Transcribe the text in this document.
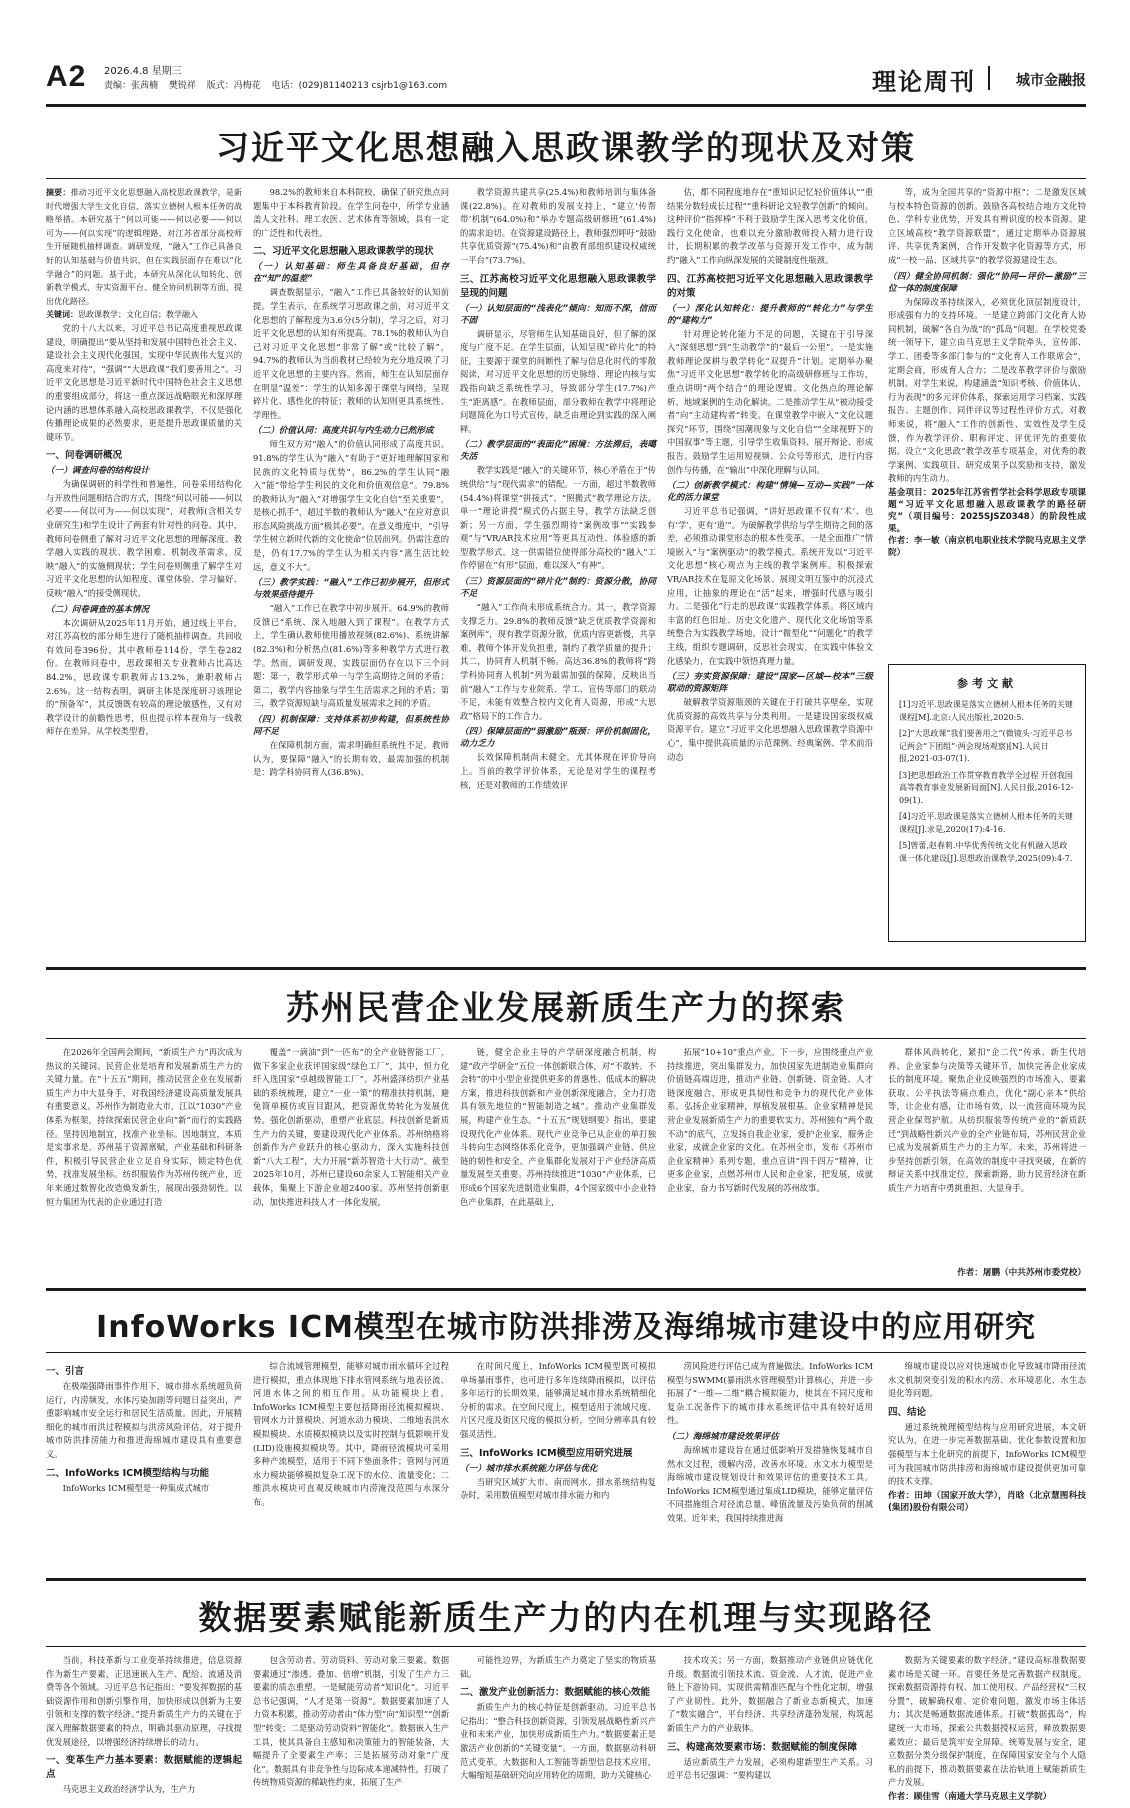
A2 2026.4.8 星期三
责编：张茜楠 樊锐祥 版式：冯梅花 电话：(029)81140213 csjrb1@163.com	理论周刊	城市金融报
习近平文化思想融入思政课教学的现状及对策

摘要：推动习近平文化思想融入高校思政课教学，是新时代增强大学生文化自信、落实立德树人根本任务的战略举措。本研究基于“何以可能——何以必要——何以可为——何以实现”的逻辑理路，对江苏省部分高校师生开展随机抽样调查。调研发现，“融入”工作已具备良好的认知基础与价值共识，但在实践层面存在难以“化学融合”的问题。基于此，本研究从深化认知转化、创新教学模式、夯实资源平台、健全协同机制等方面，提出优化路径。

关键词：思政课教学；文化自信；教学融入

党的十八大以来，习近平总书记高度重视思政课建设，明确提出“要从坚持和发展中国特色社会主义、建设社会主义现代化强国，实现中华民族伟大复兴的高度来对待”，“强调”“大思政课”我们要善用之”。习近平文化思想是习近平新时代中国特色社会主义思想的重要组成部分，将这一重点深远战略眼光和深厚理论内涵的思想体系融入高校思政课教学，不仅是强化传播理论成果的必然要求，更是提升思政课质量的关键环节。

一、问卷调研概况
（一）调查问卷的结构设计

为确保调研的科学性和普遍性，问卷采用结构化与开放性问题相结合的方式，围绕“何以可能——何以必要——何以可为——何以实现”，对教师(含相关专业研究生)和学生设计了两套有针对性的问卷。其中，教师问卷侧重了解对习近平文化思想的理解深度、教学融入实践的现状、教学困难、机制改革需求，反映“融入”的实施侧现状；学生问卷则侧重了解学生对习近平文化思想的认知程度、课堂体验、学习偏好、反映“融入”的接受侧现状。

（二）问卷调查的基本情况

本次调研从2025年11月开始，通过线上平台，对江苏高校的部分师生进行了随机抽样调查。共回收有效问卷396份，其中教师卷114份，学生卷282份。在教师问卷中，思政课相关专业教师占比高达84.2%，思政课专职教师占13.2%，兼职教师占2.6%。这一结构表明，调研主体是深度研习该理论的“预备军”，其反馈既有较高的理论敏感性，又有对教学设计的前瞻性思考，但也提示样本视角与一线教师存在差异。从学校类型看，

98.2%的教师来自本科院校，确保了研究焦点问题集中于本科教育阶段。在学生问卷中，所学专业涵盖人文社科、理工农医、艺术体育等领域，具有一定的广泛性和代表性。

二、习近平文化思想融入思政课教学的现状
（一）认知基础：师生具备良好基础，但存在“知”的温差”

调查数据显示，“融入”工作已具备较好的认知前提。学生表示，在系统学习思政课之前，对习近平文化思想的了解程度为3.6分(5分制)，学习之后，对习近平文化思想的认知有所提高。78.1%的教师认为自己对习近平文化思想“非常了解”或“比较了解”，94.7%的教师认为当前教材已经较为充分地反映了习近平文化思想的主要内容。然而，师生在认知层面存在明显“温差”：学生的认知多源于课堂与网络，呈现碎片化、感性化的特征；教师的认知则更具系统性、学理性。

（二）价值认同：高度共识与内生动力已然形成

师生双方对“融入”的价值认同形成了高度共识。91.8%的学生认为“融入”有助于“更好地理解国家和民族的文化特质与优势”，86.2%的学生认同“融入”能“带给学生利民的文化和价值观信息”。79.8%的教师认为“融入”对增强学生文化自信“至关重要”，是核心抓手”，超过半数的教师认为“融入”在应对意识形态风险挑战方面“极其必要”。在意义维度中，“引导学生树立新时代新的文化使命”位居前列。仍需注意的是，仍有17.7%的学生认为相关内容“离生活比较远，意义不大”。

（三）教学实践：“融入”工作已初步展开，但形式与效果亟待提升

“融入”工作已在教学中初步展开。64.9%的教师反馈已“系统、深入地融入到了课程”。在教学方式上，学生确认教师使用播放视频(82.6%)、系统讲解(82.3%)和分析热点(81.6%)等多种教学方式进行教学。然而，调研发现，实践层面仍存在以下三个问题：第一，教学形式单一与学生高期待之间的矛盾；第二，教学内容抽象与学生生活需求之间的矛盾；第三，教学资源短缺与高质量发展需求之间的矛盾。

（四）机制保障：支持体系初步构建，但系统性协同不足

在保障机制方面，需求明确但系统性不足。教师认为，要保障“融入”的长期有效，最需加强的机制是：跨学科协同育人(36.8%)、

教学资源共建共享(25.4%)和教师培训与集体备课(22.8%)。在对教师的发展支持上，“建立‘传帮带’机制”(64.0%)和“举办专题高级研修班”(61.4%)的需求迫切。在资源建设路径上，教师强烈呼吁“鼓励共享优质资源”(75.4%)和“由教育部组织建设权威统一平台”(73.7%)。

三、江苏高校习近平文化思想融入思政课教学呈现的问题
（一）认知层面的“浅表化”倾向：知而不深，信而不固

调研显示，尽管师生认知基础良好，但了解的深度与广度不足。在学生层面，认知呈现“碎片化”的特征，主要源于课堂的间断性了解与信息化时代的零散阅读，对习近平文化思想的历史脉络、理论内核与实践指向缺乏系统性学习，导致部分学生(17.7%)产生“距离感”。在教师层面，部分教师在教学中将理论问题简化为口号式宣传，缺乏由理论到实践的深入阐释。

（二）教学层面的“表面化”困境：方法滞后，表噶失活

教学实践是“融入”的关键环节，核心矛盾在于“传统供给”与“现代需求”的错配。一方面，超过半数教师(54.4%)将课堂“拼接式”、“照搬式”教学理论方法。单一“理论讲授”模式仍占据主导，教学方法缺乏创新；另一方面，学生强烈期待“案例故事”“实践参观”与“VR/AR技术应用”等更具互动性、体验感的新型教学形式。这一供需错位使得部分高校的“融入”工作停留在“有形”层面，难以深入“有神”。

（三）资源层面的“碎片化”制约：资源分散，协同不足

“融入”工作尚未形成系统合力。其一，教学资源支撑乏力。29.8%的教师反馈“缺乏优质教学资源和案例库”，现有教学资源分散，优质内容更新慢，共享难，教师个体开发负担重，制约了教学质量的提升；其二，协同育人机制不畅。高达36.8%的教师将“跨学科协同育人机制”列为最需加强的保障，反映出当前“融入”工作与专业院系、学工、宣传等部门的联动不足，未能有效整合校内文化育人资源，形成“大思政”格局下的工作合力。

（四）保障层面的“弱激励”瓶颈：评价机制固化，动力乏力

长效保障机制尚未健全，尤其体现在评价导向上。当前的教学评价体系，无论是对学生的课程考核，还是对教师的工作绩效评

估，都不同程度地存在“重知识记忆轻价值体认”“重结果分数轻成长过程”“重科研论文轻教学创新”的倾向。这种评价“指挥棒”不利于鼓励学生深入思考文化价值，践行文化使命，也难以充分激励教师投入精力进行设计，长期积累的教学改革与资源开发工作中，成为制约“融入”工作向纵深发展的关键制度性瓶颈。

四、江苏高校把习近平文化思想融入思政课教学的对策
（一）深化认知转化：提升教师的“转化力”与学生的“建构力”

针对理论转化能力不足的问题，关键在于引导深入“深刻思想”到“生动教学”的“最后一公里”。一是实施教师理论深耕与教学转化“双提升”计划。定期举办聚焦“习近平文化思想”教学转化的高级研修班与工作坊，重点讲明“两个结合”的理论逻辑、文化热点的理论解析、地域案例的生动化解读。二是推动学生从“被动接受者”向“主动建构者”转变。在课堂教学中嵌入“文化议题探究”环节，围绕“国潮现象与文化自信”“全球视野下的中国叙事”等主题，引导学生收集资料、展开辩论、形成报告。鼓励学生运用短视频、公众号等形式，进行内容创作与传播，在“输出”中深化理解与认同。

（二）创新教学模式：构建“情境—互动—实践”一体化的活力课堂

习近平总书记强调，“讲好思政课不仅有‘术’、也有‘学’，更有‘道’”。为破解教学供给与学生期待之间的落差，必须推动课堂形态的根本性变革。一是全面推广“情境嵌入”与“案例驱动”的教学模式。系统开发以“习近平文化思想”核心观点为主线的教学案例库。积极探索VR/AR技术在复原文化场景、展现文明互鉴中的沉浸式应用，让抽象的理论在“活”起来，增强时代感与吸引力。二是强化“行走的思政课”实践教学体系。将区域内丰富的红色旧址、历史文化遗产、现代化文化场馆等系统整合为实践教学场地，设计“微型化”“问题化”的教学主线，组织专题调研，反思社会现实，在实践中体验文化感染力，在实践中领悟真理力量。

（三）夯实资源保障：建设“国家—区域—校本”三级联动的资源矩阵

破解教学资源瓶颈的关键在于打破共享壁垒，实现优质资源的高效共享与分类利用。一是建设国家级权威资源平台。建立“习近平文化思想融入思政课教学资源中心”，集中提供高质量的示范课例、经典案例、学术前沿动态

等，成为全国共享的“资源中枢”；二是激发区域与校本特色资源的创新。鼓励各高校结合地方文化特色、学科专业优势，开发具有辨识度的校本资源。建立区域高校“教学资源联盟”，通过定期举办资源展评、共享优秀案例，合作开发数字化资源等方式，形成“一校一品、区域共享”的教学资源建设生态。

（四）健全协同机制：强化“协同—评价—激励”三位一体的制度保障

为保障改革持续深入，必须优化顶层制度设计，形成强有力的支持环境。一是建立跨部门文化育人协同机制，破解“各自为战”的“孤岛”问题。在学校党委统一领导下，建立由马克思主义学院牵头，宣传部、学工、团委等多部门参与的“文化育人工作联席会”，定期会商，形成育人合力；二是改革教学评价与激励机制。对学生来说，构建涵盖“知识考核、价值体认、行为表现”的多元评价体系，探索运用学习档案、实践报告、主题创作、同伴评议等过程性评价方式。对教师来说，将“融入”工作的创新性、实效性及学生反馈，作为教学评价、职称评定、评优评先的重要依据。设立“文化思政”教学改革专项基金，对优秀的教学案例、实践项目、研究成果予以奖励和支持，激发教师的内生动力。

基金项目：2025年江苏省哲学社会科学思政专项课题“习近平文化思想融入思政课教学的路径研究”（项目编号：2025SJSZ0348）的阶段性成果。

作者：李一敏（南京机电职业技术学院马克思主义学院）

参考文献

[1]习近平.思政课是落实立德树人根本任务的关键课程[M].北京:人民出版社,2020:5.

[2]“大思政课”我们要善用之”(微镜头·习近平总书记两会“下团组”·两会现场观察)[N].人民日报,2021-03-07(1).

[3]把思想政治工作贯穿教育教学全过程 开创我国高等教育事业发展新局面[N].人民日报,2016-12-09(1).

[4]习近平.思政课是落实立德树人根本任务的关键课程[J].求是,2020(17):4-16.

[5]曾蕾,赵春莉.中华优秀传统文化有机融入思政课一体化建设[J].思想政治课教学,2025(09):4-7.

苏州民营企业发展新质生产力的探索

在2026年全国两会期间，“新质生产力”再次成为热议的关键词。民营企业是培育和发展新质生产力的关键力量。在“十五五”期间，推动民营企业在发展新质生产力中大显身手，对我国经济建设高质量发展具有重要意义。苏州作为制造业大市，江以“1030”产业体系为框架，持续探索民营企业向“新”而行的实践路径。坚持因地制宜，找准产业坐标。因地制宜，本质是实事求是。苏州基于资源禀赋，产业基础和科研条件，积极引导民营企业立足自身实际，锁定特色优势，找准发展坐标。纺织服装作为苏州传统产业，近年来通过数智化改造焕发新生，展现出强劲韧性。以恒力集团为代表的企业通过打造

覆盖“一滴油”到“一匹布”的全产业链智能工厂，做下多家企业获评国家级“绿色工厂”，其中，恒力化纤入选国家“卓越级智能工厂”。苏州盛泽纺织产业基础的系统梳理，建立“一业一策”的精准扶持机制，避免简单模仿或盲目跟风，把资源优势转化为发展优势。强化创新驱动，重塑产业底层。科技创新是新质生产力的关键，要建设现代化产业体系。苏州纳格将创新作为产业跃升的核心驱动力，深入实施科技创新“八大工程”，大力开展“新苏智造十大行动”。截至2025年10月，苏州已建设60余家人工智能相关产业载体，集聚上下游企业超2400家。苏州坚持创新驱动，加快推进科技人才一体化发展，

链，健全企业主导的产学研深度融合机制，构建“政产学研金”五位一体创新联合体，对“不敢转、不会转”的中小型企业提供更多的普惠性、低成本的解决方案，推进科技创新和产业创新深度融合，全力打造具有领先地位的“智能制造之城”。推动产业集群发展，构建产业生态。“十五五”规划纲要》指出，要建设现代化产业体系。现代产业竞争已从企业的单打独斗转向生态网络体系化竞争，更加强调产业链、供应链的韧性和安全。产业集群化发展对于产业经济高质量发展至关重要。苏州持续推进“1030”产业体系，已形成6个国家先进制造业集群，4个国家级中小企业特色产业集群，在此基础上，

拓展“10+10”重点产业。下一步，应围绕重点产业持续推进，突出集群发力，加快国家先进制造业集群向价值链高端迈进，推动产业链、创新链、资金链、人才链深度融合，形成更具韧性和竞争力的现代化产业体系。弘扬企业家精神，厚植发展根基。企业家精神是民营企业发展新质生产力的重要软实力。苏州独有“两个敢不动”的底气，立发扬自我企业家，爱护企业家，服务企业家，成就企业家的文化。在苏州全市，发布《苏州市企业家精神》系列专题，重点宣讲“四千四万”精神，让更多企业家，点燃苏州市人民和企业家，把发展，成就企业家，奋力书写新时代发展的苏州故事。

群体风尚转化，紧扣“企二代”传承、新生代培养、企业家参与决策等关键环节，加快完善企业家成长的制度环境。聚焦企业反映强烈的市场准入、要素获取、公平执法等痛点难点，优化“副心亲本”供给等，让企业有感，让市场有效，以一流营商环境为民营企业保驾护航。从纺织服装等传统产业的“新质跃迁”到战略性新兴产业的全产业链布局，苏州民营企业已成为发展新质生产力的主力军。未来，苏州将进一步坚持创新引领，在高效的制度中寻找突破，在新的辩证关系中找准定位，探索新路，助力民营经济在新质生产力培育中勇挑重担、大显身手。

作者：屠鹏（中共苏州市委党校）

InfoWorks ICM模型在城市防洪排涝及海绵城市建设中的应用研究
一、引言

在极端强降雨事件作用下，城市排水系统超负荷运行，内涝频发，水体污染加剧等问题日益突出，严重影响城市安全运行和居民生活质量。因此，开展精细化的城市雨洪过程模拟与洪涝风险评估，对于提升城市防洪排涝能力和推进海绵城市建设具有重要意义。

二、InfoWorks ICM模型结构与功能

InfoWorks ICM模型是一种集成式城市

综合流域管理模型，能够对城市雨水循环全过程进行模拟，重点体现地下排水管网系统与地表径流、河道水体之间的相互作用。从功能模块上看，InfoWorks ICM模型主要包括降雨径流模拟模块、管网水力计算模块、河道水动力模块、二维地表洪水模拟模块、水质模拟模块以及实时控制与低影响开发(LID)设施模拟模块等。其中，降雨径流模块可采用多种产流模型，适用于不同下垫面条件；管网与河道水力模块能够模拟复杂工况下的水位、流量变化；二维洪水模块可直观反映城市内涝淹没范围与水深分布。

在时间尺度上，InfoWorks ICM模型既可模拟单场暴雨事件，也可进行多年连续降雨模拟，以评估多年运行的长期效果，能够满足城市排水系统精细化分析的需求。在空间尺度上，模型适用于流域尺度、片区尺度及街区尺度的模拟分析，空间分辨率具有较强灵活性。

三、InfoWorks ICM模型应用研究进展
（一）城市排水系统能力评估与优化

当研究区域扩大市、南而网水、排水系统结构复杂时，采用数值模型对城市排水能力和内

涝风险进行评估已成为普遍做法。InfoWorks ICM模型与SWMM(暴雨洪水管理模型)计算核心，并进一步拓展了“一维—二维”耦合模拟能力，使其在不同尺度和复杂工况条件下的城市排水系统评估中具有较好适用性。

（二）海绵城市建设效果评估

海绵城市建设旨在通过低影响开发措施恢复城市自然水文过程，缓解内涝，改善水环境。水文水力模型是海绵城市建设规划设计和效果评估的重要技术工具。InfoWorks ICM模型通过集成LID模块，能够定量评估不同措施组合对径流总量、峰值流量及污染负荷的削减效果。近年来，我国持续推进海

绵城市建设以应对快速城市化导致城市降雨径流水文机制突变引发的积水内涝、水环境恶化、水生态退化等问题。

四、结论

通过系统梳理模型结构与应用研究进展，本文研究认为，在进一步完善数据基础、优化参数设置和加强模型与本土化研究的前提下，InfoWorks ICM模型可为我国城市防洪排涝和海绵城市建设提供更加可靠的技术支撑。

作者：田坤（国家开放大学），肖晗（北京慧图科技(集团)股份有限公司）

数据要素赋能新质生产力的内在机理与实现路径

当前，科技革新与工业变革持续推进，信息资源作为新生产要素，正迅速嵌入生产、配给、流通及消费等各个领域。习近平总书记指出：“要发挥数据的基础资源作用和创新引擎作用，加快形成以创新为主要引领和支撑的数字经济。”提升新质生产力的关键在于深入理解数据要素的特点，明确其驱动原理，寻找提优发展途径，以增强经济持续增长的动力。

一、变革生产力基本要素：数据赋能的逻辑起点

马克思主义政治经济学认为，生产力

包含劳动者、劳动资料、劳动对象三要素。数据要素通过“渗透、叠加、倍增”机制，引发了生产力三要素的质态重塑。一是赋能劳动者“知识化”。习近平总书记强调，“人才是第一资源”。数据要素加速了人力资本积累，推动劳动者由“体力型”向“知识型”“创新型”转变；二是驱动劳动资料“智能化”。数据嵌入生产工具，使其具备自主感知和决策能力的智能装备，大幅提升了全要素生产率；三是拓展劳动对象“广度化”。数据具有非竞争性与边际成本递减特性，打破了传统物质资源的稀缺性约束，拓展了生产

可能性边界，为新质生产力奠定了坚实的物质基础。

二、激发产业创新活力：数据赋能的核心效能

新质生产力的核心特征是创新驱动。习近平总书记指出：“整合科技创新资源，引领发展战略性新兴产业和未来产业，加快形成新质生产力。”数据要素正是激活产业创新的“关键变量”。一方面，数据驱动科研范式变革。大数据和人工智能等新型信息技术应用，大幅缩短基础研究向应用转化的周期，助力关键核心

技术攻关；另一方面，数据推动产业链供应链优化升级。数据流引领技术流、资金流、人才流，促进产业链上下游协同，实现供需精准匹配与个性化定制，增强了产业韧性。此外，数据融合了新业态新模式，加速了“数实融合”，平台经济、共享经济蓬勃发展，构筑起新质生产力的产业载体。

三、构建高效要素市场：数据赋能的制度保障

适应新质生产力发展，必须构建新型生产关系。习近平总书记强调：“要构建以

数据为关键要素的数字经济。”建设高标准数据要素市场是关键一环。首要任务是完善数据产权制度。探索数据资源持有权、加工使用权、产品经营权“三权分置”，破解确权难、定价难问题，激发市场主体活力；其次是畅通数据流通体系。打破“数据孤岛”，构建统一大市场，探索公共数据授权运营，释放数据要素效应；最后是筑牢安全屏障。统筹发展与安全，建立数据分类分级保护制度，在保障国家安全与个人隐私的前提下，推动数据要素在法治轨道上赋能新质生产力发展。

作者：顾佳雪（南通大学马克思主义学院）
